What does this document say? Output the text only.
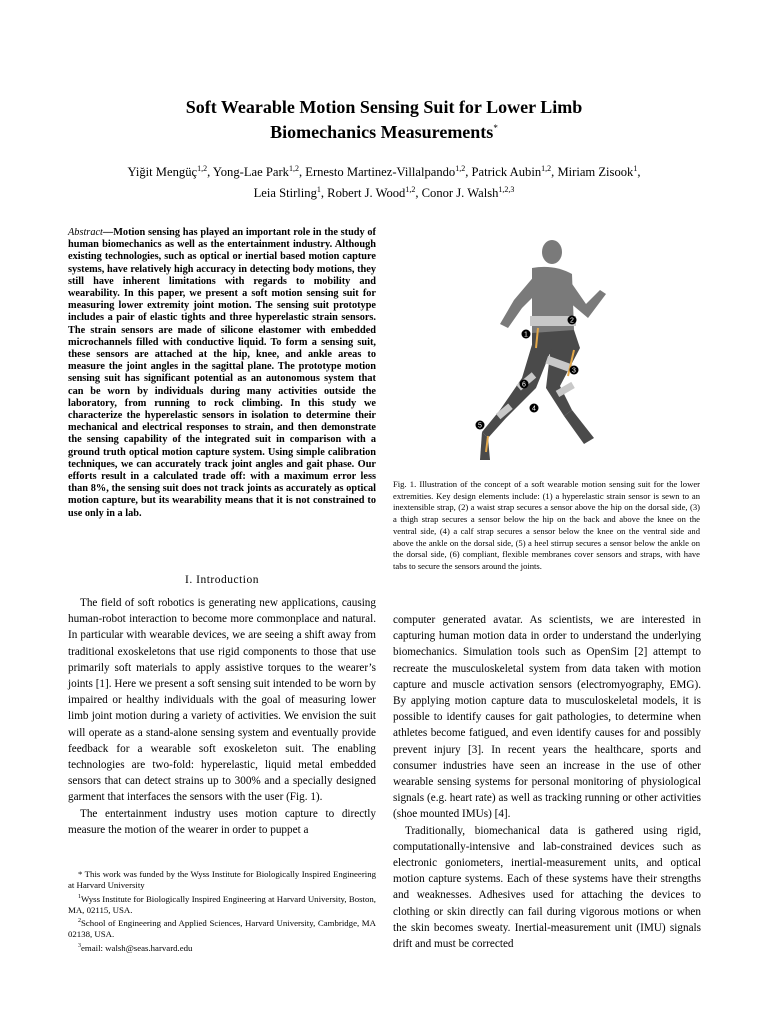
Soft Wearable Motion Sensing Suit for Lower Limb
Biomechanics Measurements*
Yiğit Mengüç$^{1,2}$, Yong-Lae Park$^{1,2}$, Ernesto Martinez-Villalpando$^{1,2}$, Patrick Aubin$^{1,2}$, Miriam Zisook$^1$,
Leia Stirling$^1$, Robert J. Wood$^{1,2}$, Conor J. Walsh$^{1,2,3}$
Abstract—Motion sensing has played an important role in the study of human biomechanics as well as the entertainment industry. Although existing technologies, such as optical or inertial based motion capture systems, have relatively high accuracy in detecting body motions, they still have inherent limitations with regards to mobility and wearability. In this paper, we present a soft motion sensing suit for measuring lower extremity joint motion. The sensing suit prototype includes a pair of elastic tights and three hyperelastic strain sensors. The strain sensors are made of silicone elastomer with embedded microchannels filled with conductive liquid. To form a sensing suit, these sensors are attached at the hip, knee, and ankle areas to measure the joint angles in the sagittal plane. The prototype motion sensing suit has significant potential as an autonomous system that can be worn by individuals during many activities outside the laboratory, from running to rock climbing. In this study we characterize the hyperelastic sensors in isolation to determine their mechanical and electrical responses to strain, and then demonstrate the sensing capability of the integrated suit in comparison with a ground truth optical motion capture system. Using simple calibration techniques, we can accurately track joint angles and gait phase. Our efforts result in a calculated trade off: with a maximum error less than 8%, the sensing suit does not track joints as accurately as optical motion capture, but its wearability means that it is not constrained to use only in a lab.
I. Introduction

The field of soft robotics is generating new applications, causing human-robot interaction to become more commonplace and natural. In particular with wearable devices, we are seeing a shift away from traditional exoskeletons that use rigid components to those that use primarily soft materials to apply assistive torques to the wearer’s joints [1]. Here we present a soft sensing suit intended to be worn by impaired or healthy individuals with the goal of measuring lower limb joint motion during a variety of activities. We envision the suit will operate as a stand-alone sensing system and eventually provide feedback for a wearable soft exoskeleton suit. The enabling technologies are two-fold: hyperelastic, liquid metal embedded sensors that can detect strains up to 300% and a specially designed garment that interfaces the sensors with the user (Fig. 1).

The entertainment industry uses motion capture to directly measure the motion of the wearer in order to puppet a

* This work was funded by the Wyss Institute for Biologically Inspired Engineering at Harvard University
$^1$Wyss Institute for Biologically Inspired Engineering at Harvard University, Boston, MA, 02115, USA.
$^2$School of Engineering and Applied Sciences, Harvard University, Cambridge, MA 02138, USA.
$^3$email: walsh@seas.harvard.edu
1
2
3
4
5
6
Fig. 1. Illustration of the concept of a soft wearable motion sensing suit for the lower extremities. Key design elements include: (1) a hyperelastic strain sensor is sewn to an inextensible strap, (2) a waist strap secures a sensor above the hip on the dorsal side, (3) a thigh strap secures a sensor below the hip on the back and above the knee on the ventral side, (4) a calf strap secures a sensor below the knee on the ventral side and above the ankle on the dorsal side, (5) a heel stirrup secures a sensor below the ankle on the dorsal side, (6) compliant, flexible membranes cover sensors and straps, with have tabs to secure the sensors around the joints.

computer generated avatar. As scientists, we are interested in capturing human motion data in order to understand the underlying biomechanics. Simulation tools such as OpenSim [2] attempt to recreate the musculoskeletal system from data taken with motion capture and muscle activation sensors (electromyography, EMG). By applying motion capture data to musculoskeletal models, it is possible to identify causes for gait pathologies, to determine when athletes become fatigued, and even identify causes for and possibly prevent injury [3]. In recent years the healthcare, sports and consumer industries have seen an increase in the use of other wearable sensing systems for personal monitoring of physiological signals (e.g. heart rate) as well as tracking running or other activities (shoe mounted IMUs) [4].

Traditionally, biomechanical data is gathered using rigid, computationally-intensive and lab-constrained devices such as electronic goniometers, inertial-measurement units, and optical motion capture systems. Each of these systems have their strengths and weaknesses. Adhesives used for attaching the devices to clothing or skin directly can fail during vigorous motions or when the skin becomes sweaty. Inertial-measurement unit (IMU) signals drift and must be corrected
